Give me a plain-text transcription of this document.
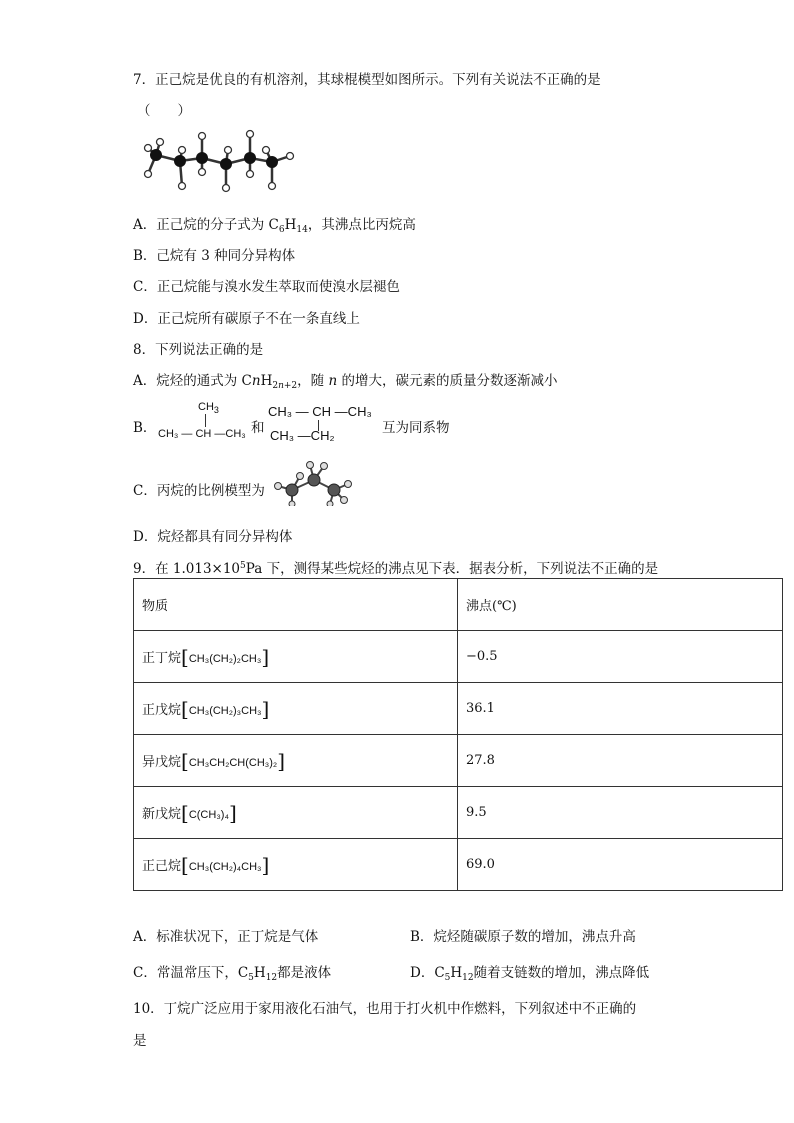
7．正己烷是优良的有机溶剂，其球棍模型如图所示。下列有关说法不正确的是
（　　）
A．正己烷的分子式为 $C_6H_{14}$，其沸点比丙烷高
B．己烷有 3 种同分异构体
C．正己烷能与溴水发生萃取而使溴水层褪色
D．正己烷所有碳原子不在一条直线上
8．下列说法正确的是
A．烷烃的通式为 CnH$_{2n+2}$，随 n 的增大，碳元素的质量分数逐渐减小
B．
$CH_3$
CH₃ — CH —CH₃ 和
CH₃ — CH —CH₃
CH₃ —CH₂	互为同系物
C．丙烷的比例模型为
D．烷烃都具有同分异构体
9．在 $1.013\times 10^5Pa$ 下，测得某些烷烃的沸点见下表．据表分析，下列说法不正确的是
物质	沸点(℃)
正丁烷[CH₃(CH₂)₂CH₃]	−0.5
正戊烷[CH₃(CH₂)₃CH₃]	36.1
异戊烷[CH₃CH₂CH(CH₃)₂]	27.8
新戊烷[C(CH₃)₄]	9.5
正己烷[CH₃(CH₂)₄CH₃]	69.0
A．标准状况下，正丁烷是气体	B．烷烃随碳原子数的增加，沸点升高
C．常温常压下，$C_5H_{12}$都是液体	D．$C_5H_{12}$随着支链数的增加，沸点降低
10．丁烷广泛应用于家用液化石油气，也用于打火机中作燃料，下列叙述中不正确的
是
